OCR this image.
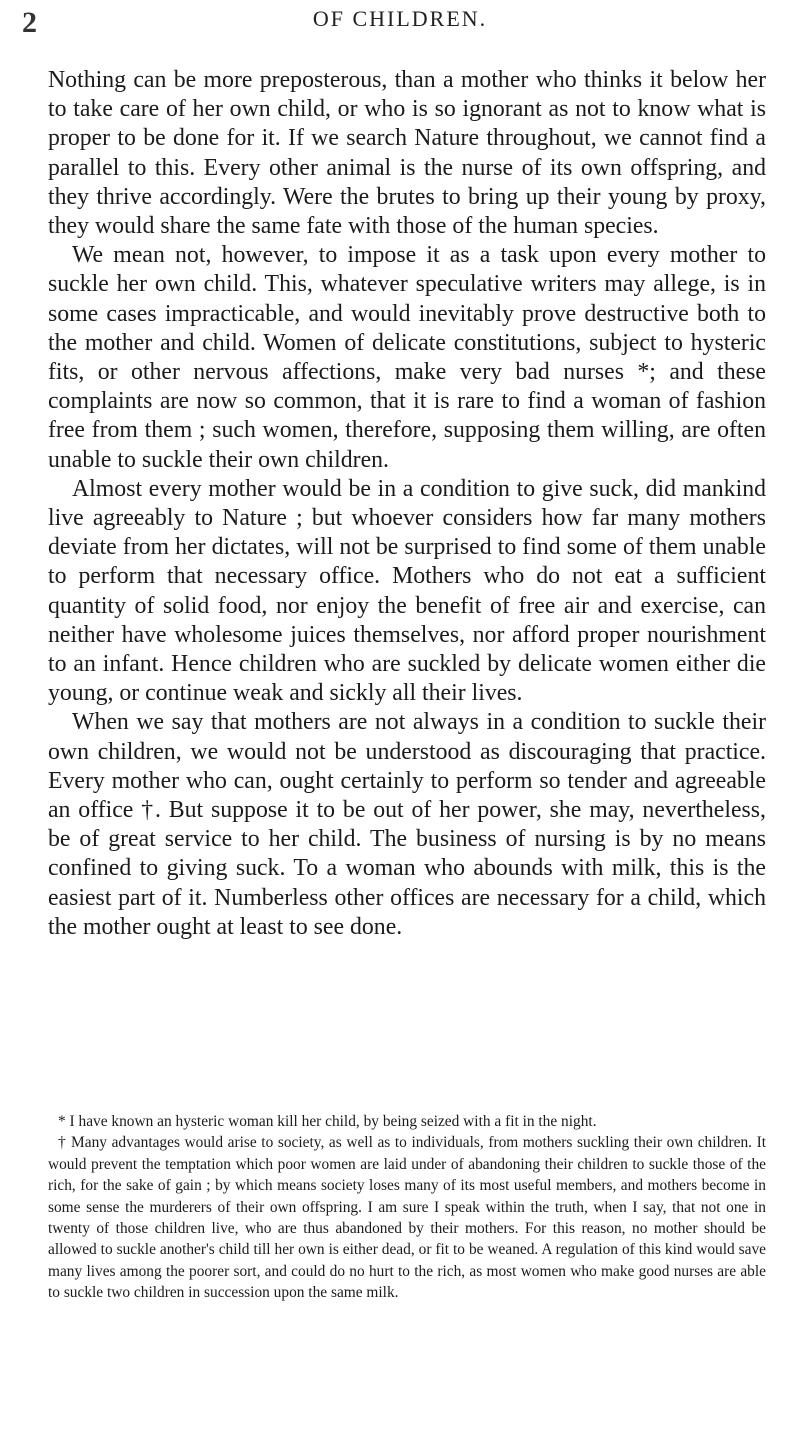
2	OF CHILDREN.

Nothing can be more preposterous, than a mother who thinks it below her to take care of her own child, or who is so ignorant as not to know what is proper to be done for it. If we search Nature throughout, we cannot find a parallel to this. Every other animal is the nurse of its own offspring, and they thrive accordingly. Were the brutes to bring up their young by proxy, they would share the same fate with those of the human species.

We mean not, however, to impose it as a task upon every mother to suckle her own child. This, whatever speculative writers may allege, is in some cases impracticable, and would inevitably prove destructive both to the mother and child. Women of delicate constitutions, subject to hysteric fits, or other nervous affections, make very bad nurses *; and these complaints are now so common, that it is rare to find a woman of fashion free from them ; such women, therefore, supposing them willing, are often unable to suckle their own children.

Almost every mother would be in a condition to give suck, did mankind live agreeably to Nature ; but whoever considers how far many mothers deviate from her dictates, will not be surprised to find some of them unable to perform that necessary office. Mothers who do not eat a sufficient quantity of solid food, nor enjoy the benefit of free air and exercise, can neither have wholesome juices themselves, nor afford proper nourishment to an infant. Hence children who are suckled by delicate women either die young, or continue weak and sickly all their lives.

When we say that mothers are not always in a condition to suckle their own children, we would not be understood as discouraging that practice. Every mother who can, ought certainly to perform so tender and agreeable an office †. But suppose it to be out of her power, she may, nevertheless, be of great service to her child. The business of nursing is by no means confined to giving suck. To a woman who abounds with milk, this is the easiest part of it. Numberless other offices are necessary for a child, which the mother ought at least to see done.

* I have known an hysteric woman kill her child, by being seized with a fit in the night.

† Many advantages would arise to society, as well as to individuals, from mothers suckling their own children. It would prevent the temptation which poor women are laid under of abandoning their children to suckle those of the rich, for the sake of gain ; by which means society loses many of its most useful members, and mothers become in some sense the murderers of their own offspring. I am sure I speak within the truth, when I say, that not one in twenty of those children live, who are thus abandoned by their mothers. For this reason, no mother should be allowed to suckle another's child till her own is either dead, or fit to be weaned. A regulation of this kind would save many lives among the poorer sort, and could do no hurt to the rich, as most women who make good nurses are able to suckle two children in succession upon the same milk.
